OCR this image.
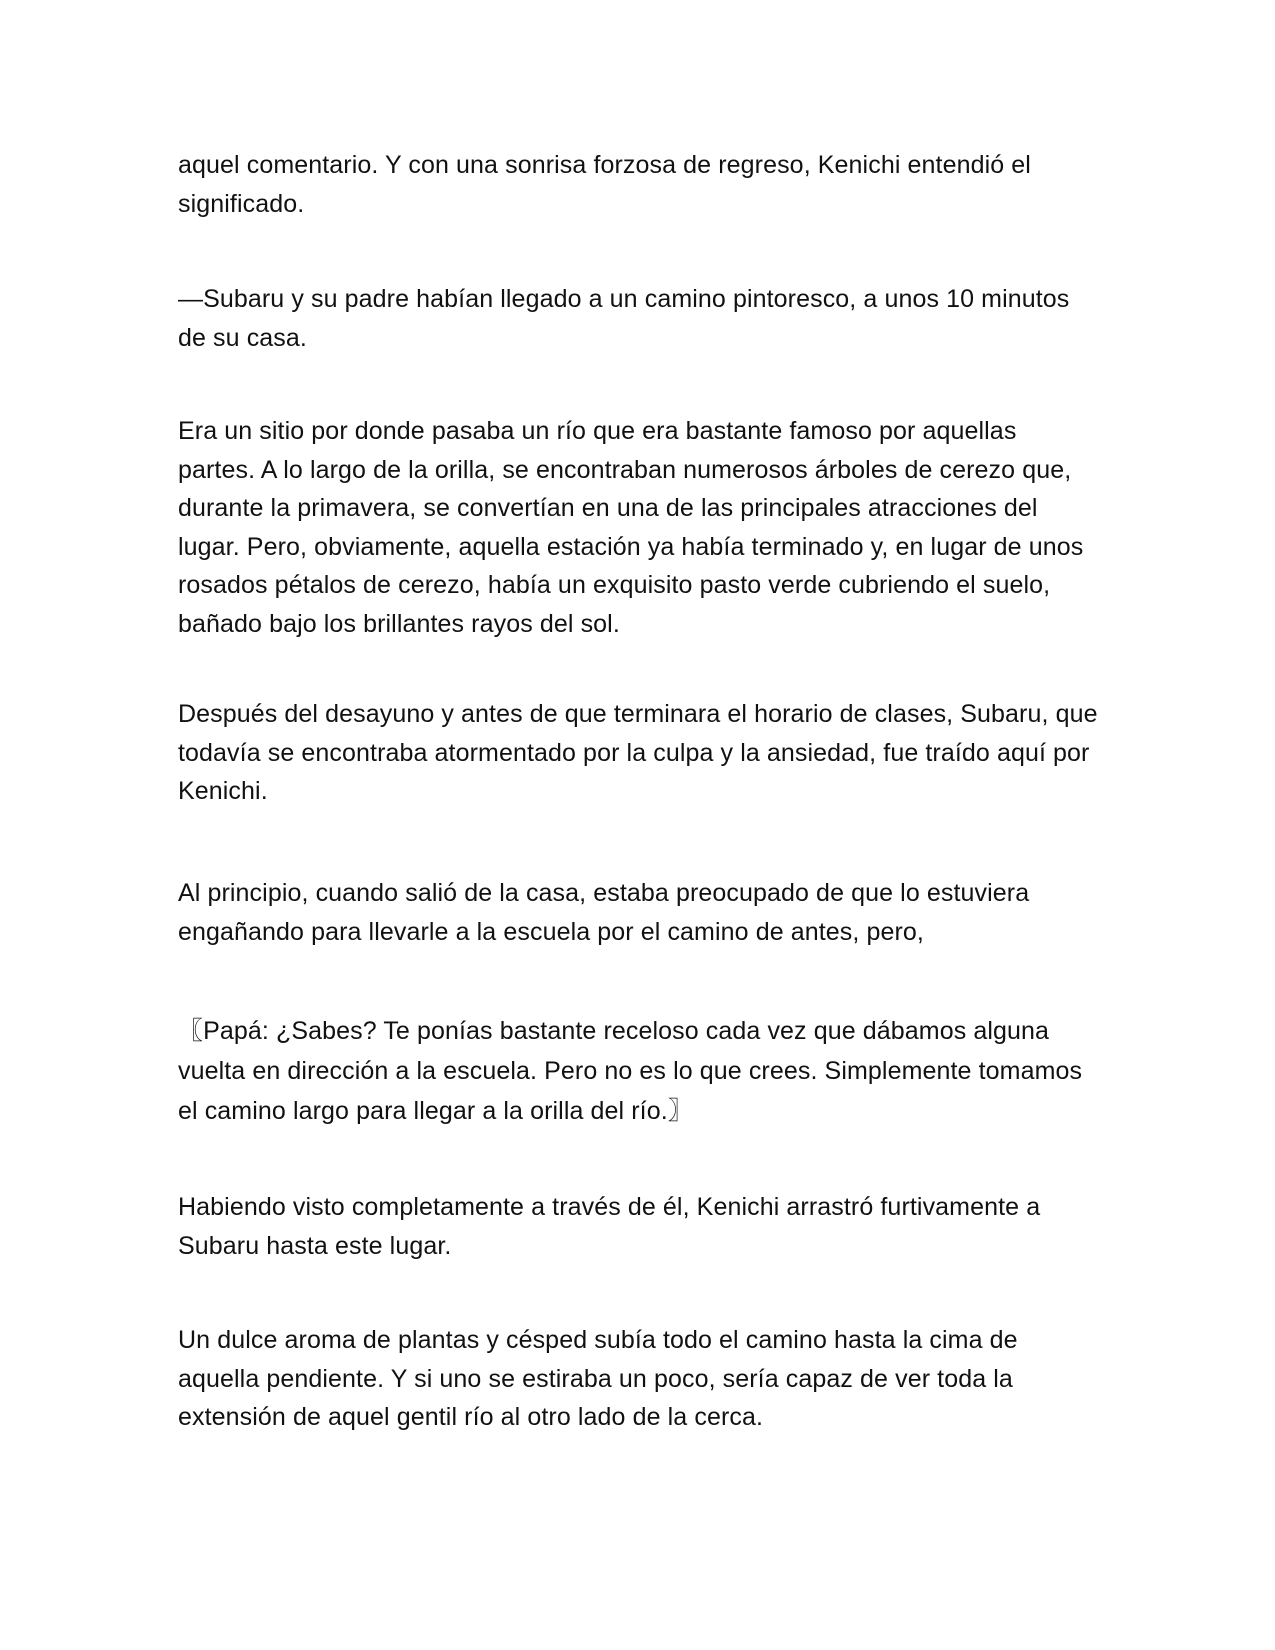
aquel comentario. Y con una sonrisa forzosa de regreso, Kenichi entendió el significado.

—Subaru y su padre habían llegado a un camino pintoresco, a unos 10 minutos de su casa.

Era un sitio por donde pasaba un río que era bastante famoso por aquellas partes. A lo largo de la orilla, se encontraban numerosos árboles de cerezo que, durante la primavera, se convertían en una de las principales atracciones del lugar. Pero, obviamente, aquella estación ya había terminado y, en lugar de unos rosados pétalos de cerezo, había un exquisito pasto verde cubriendo el suelo, bañado bajo los brillantes rayos del sol.

Después del desayuno y antes de que terminara el horario de clases, Subaru, que todavía se encontraba atormentado por la culpa y la ansiedad, fue traído aquí por Kenichi.

Al principio, cuando salió de la casa, estaba preocupado de que lo estuviera engañando para llevarle a la escuela por el camino de antes, pero,

〖Papá: ¿Sabes? Te ponías bastante receloso cada vez que dábamos alguna vuelta en dirección a la escuela. Pero no es lo que crees. Simplemente tomamos el camino largo para llegar a la orilla del río.〗

Habiendo visto completamente a través de él, Kenichi arrastró furtivamente a Subaru hasta este lugar.

Un dulce aroma de plantas y césped subía todo el camino hasta la cima de aquella pendiente. Y si uno se estiraba un poco, sería capaz de ver toda la extensión de aquel gentil río al otro lado de la cerca.
